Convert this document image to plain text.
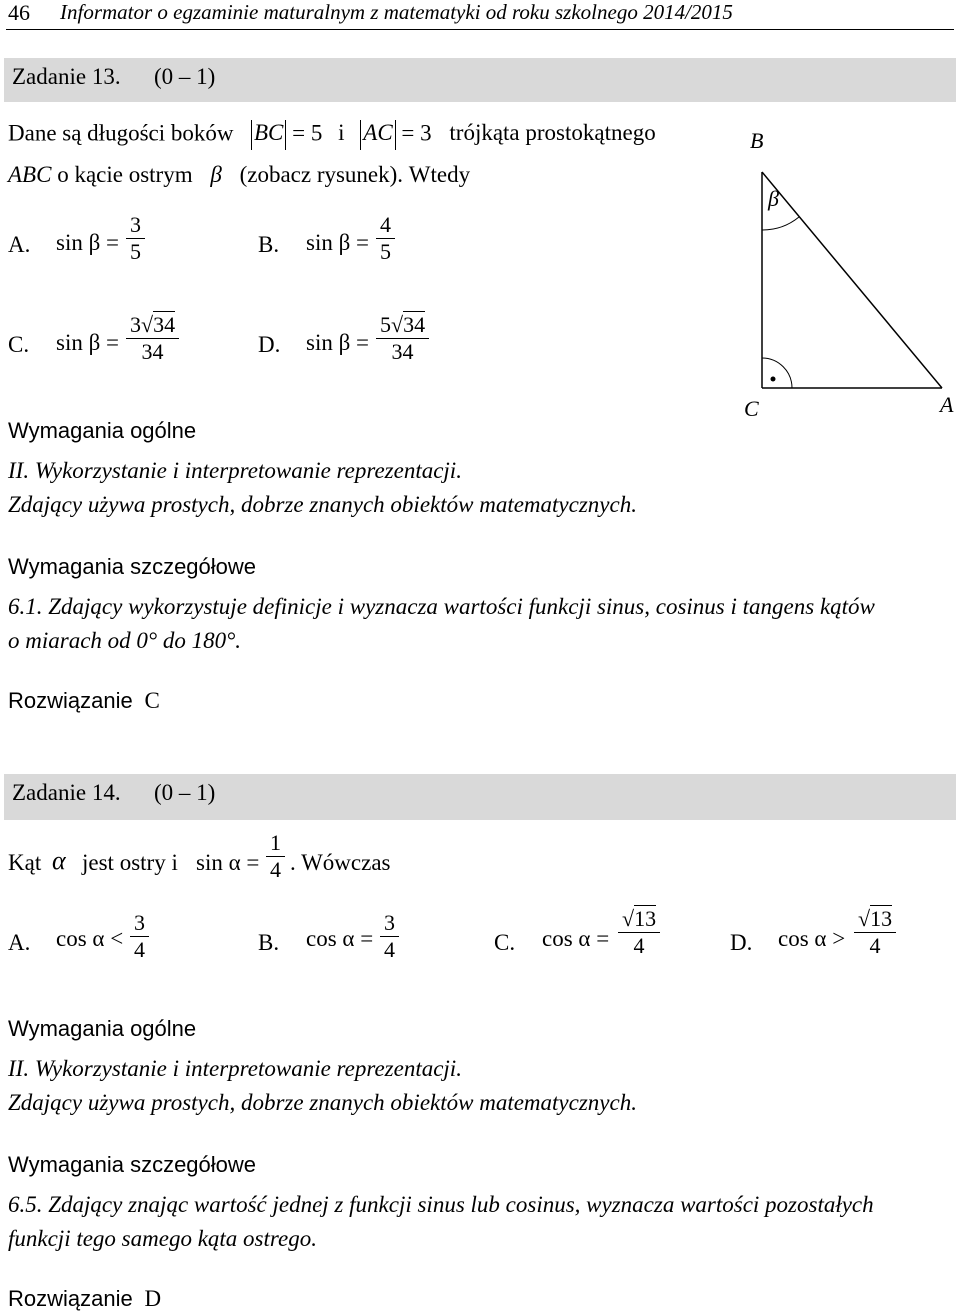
46 Informator o egzaminie maturalnym z matematyki od roku szkolnego 2014/2015
Zadanie 13. (0 – 1)
Dane są długości boków BC = 5 i AC = 3 trójkąta prostokątnego
ABC o kącie ostrym β (zobacz rysunek). Wtedy
A. sin β =
3
5	B. sin β =
4
5
C. sin β =
3√34
34	D. sin β =
5√34
34
B
β
C	A
Wymagania ogólne
II. Wykorzystanie i interpretowanie reprezentacji.
Zdający używa prostych, dobrze znanych obiektów matematycznych.
Wymagania szczegółowe
6.1. Zdający wykorzystuje definicje i wyznacza wartości funkcji sinus, cosinus i tangens kątów
o miarach od 0° do 180°.
Rozwiązanie C
Zadanie 14. (0 – 1)
Kąt α jest ostry i sin α =
1
4 . Wówczas
A. cos α <
3
4	B. cos α =
3
4	C. cos α =
√13
4	D. cos α >
√13
4
Wymagania ogólne
II. Wykorzystanie i interpretowanie reprezentacji.
Zdający używa prostych, dobrze znanych obiektów matematycznych.
Wymagania szczegółowe
6.5. Zdający znając wartość jednej z funkcji sinus lub cosinus, wyznacza wartości pozostałych
funkcji tego samego kąta ostrego.
Rozwiązanie D
